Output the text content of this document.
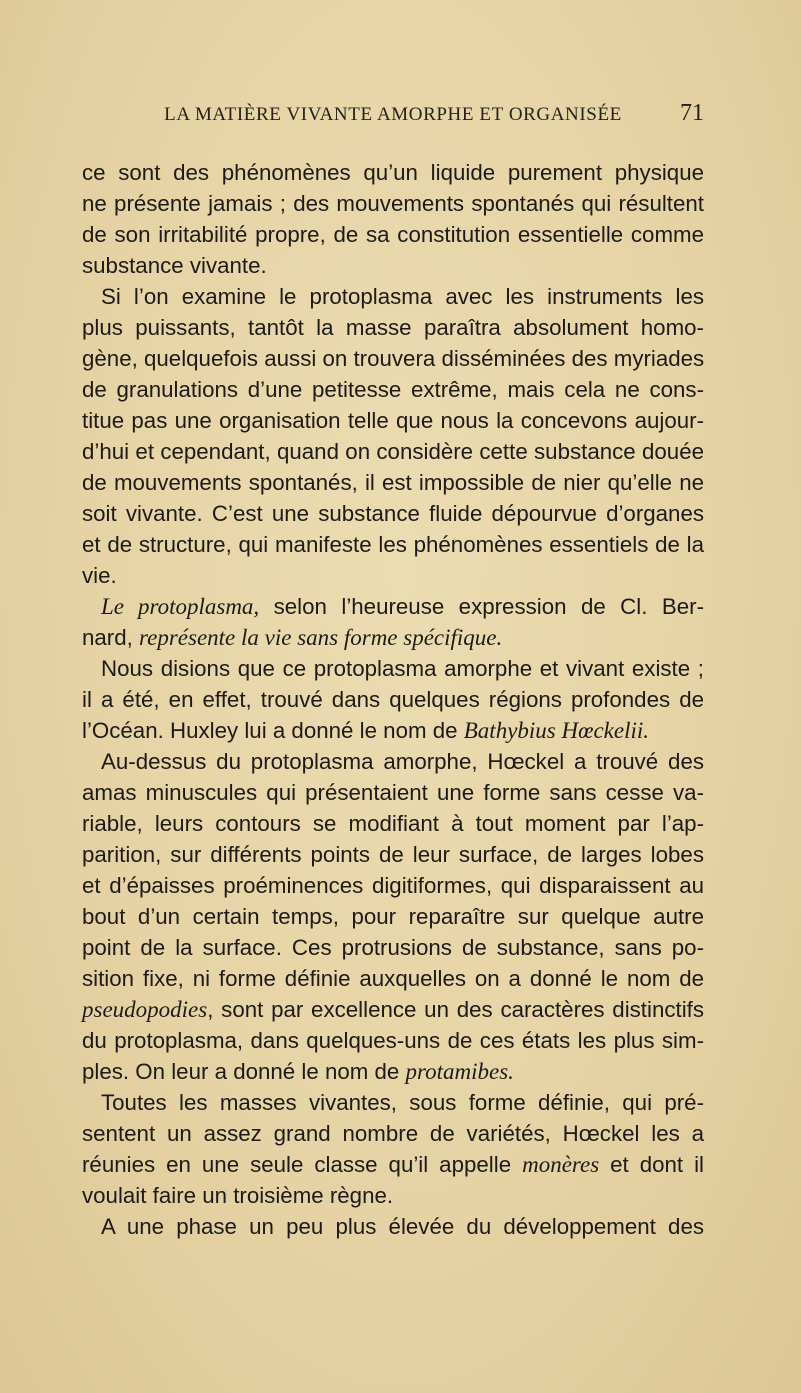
LA MATIÈRE VIVANTE AMORPHE ET ORGANISÉE	71
ce sont des phénomènes qu’un liquide purement physique
ne présente jamais ; des mouvements spontanés qui résultent
de son irritabilité propre, de sa constitution essentielle comme
substance vivante.
Si l’on examine le protoplasma avec les instruments les
plus puissants, tantôt la masse paraîtra absolument homo-
gène, quelquefois aussi on trouvera disséminées des myriades
de granulations d’une petitesse extrême, mais cela ne cons-
titue pas une organisation telle que nous la concevons aujour-
d’hui et cependant, quand on considère cette substance douée
de mouvements spontanés, il est impossible de nier qu’elle ne
soit vivante. C’est une substance fluide dépourvue d’organes
et de structure, qui manifeste les phénomènes essentiels de la
vie.
Le protoplasma, selon l’heureuse expression de Cl. Ber-
nard, représente la vie sans forme spécifique.
Nous disions que ce protoplasma amorphe et vivant existe ;
il a été, en effet, trouvé dans quelques régions profondes de
l’Océan. Huxley lui a donné le nom de Bathybius Hœckelii.
Au-dessus du protoplasma amorphe, Hœckel a trouvé des
amas minuscules qui présentaient une forme sans cesse va-
riable, leurs contours se modifiant à tout moment par l’ap-
parition, sur différents points de leur surface, de larges lobes
et d’épaisses proéminences digitiformes, qui disparaissent au
bout d’un certain temps, pour reparaître sur quelque autre
point de la surface. Ces protrusions de substance, sans po-
sition fixe, ni forme définie auxquelles on a donné le nom de
pseudopodies, sont par excellence un des caractères distinctifs
du protoplasma, dans quelques-uns de ces états les plus sim-
ples. On leur a donné le nom de protamibes.
Toutes les masses vivantes, sous forme définie, qui pré-
sentent un assez grand nombre de variétés, Hœckel les a
réunies en une seule classe qu’il appelle monères et dont il
voulait faire un troisième règne.
A une phase un peu plus élevée du développement des
